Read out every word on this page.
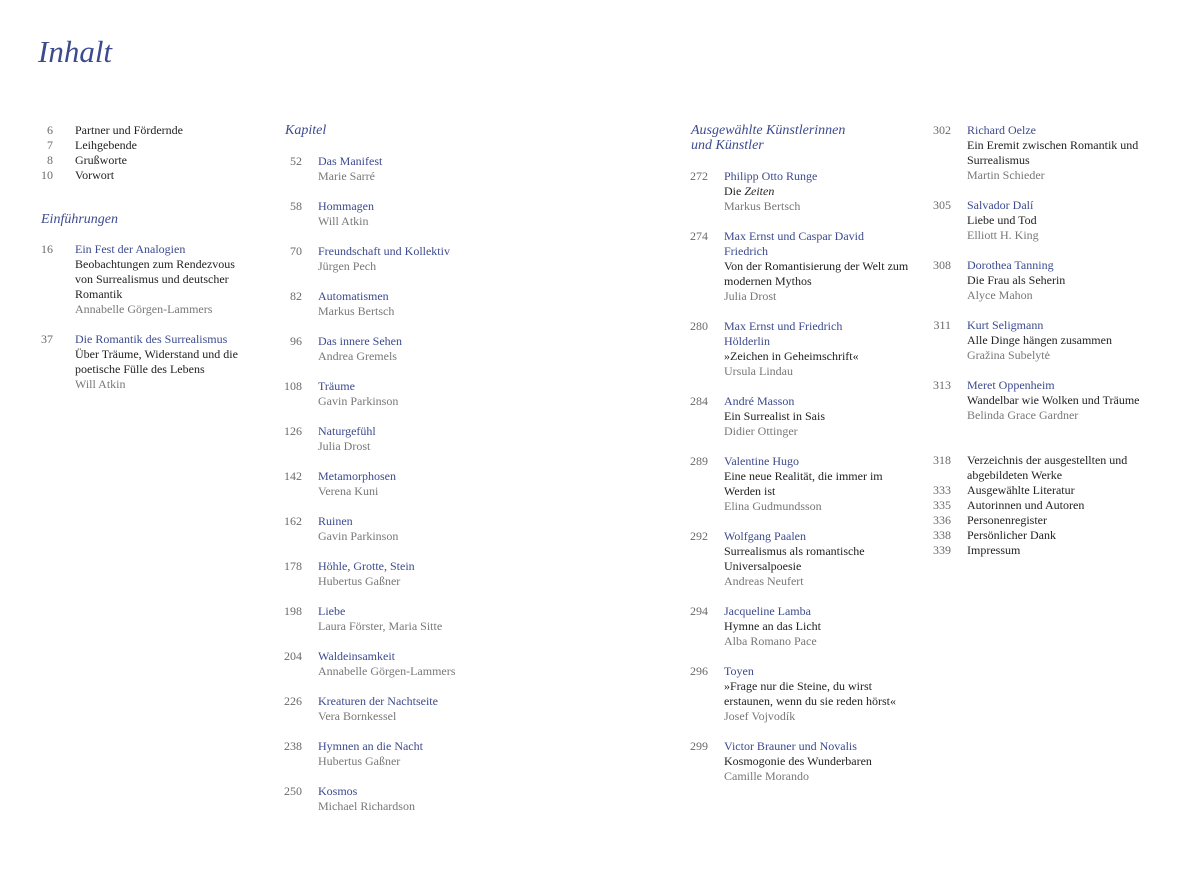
Inhalt
6 Partner und Fördernde
7 Leihgebende
8 Grußworte
10 Vorwort
Einführungen
16 Ein Fest der Analogien
Beobachtungen zum Rendezvous von Surrealismus und deutscher Romantik
Annabelle Görgen-Lammers
37 Die Romantik des Surrealismus
Über Träume, Widerstand und die poetische Fülle des Lebens
Will Atkin
Kapitel
52 Das Manifest
Marie Sarré
58 Hommagen
Will Atkin
70 Freundschaft und Kollektiv
Jürgen Pech
82 Automatismen
Markus Bertsch
96 Das innere Sehen
Andrea Gremels
108 Träume
Gavin Parkinson
126 Naturgefühl
Julia Drost
142 Metamorphosen
Verena Kuni
162 Ruinen
Gavin Parkinson
178 Höhle, Grotte, Stein
Hubertus Gaßner
198 Liebe
Laura Förster, Maria Sitte
204 Waldeinsamkeit
Annabelle Görgen-Lammers
226 Kreaturen der Nachtseite
Vera Bornkessel
238 Hymnen an die Nacht
Hubertus Gaßner
250 Kosmos
Michael Richardson
Ausgewählte Künstlerinnen
und Künstler
272 Philipp Otto Runge
Die Zeiten
Markus Bertsch
274 Max Ernst und Caspar David Friedrich
Von der Romantisierung der Welt zum modernen Mythos
Julia Drost
280 Max Ernst und Friedrich Hölderlin
»Zeichen in Geheimschrift«
Ursula Lindau
284 André Masson
Ein Surrealist in Sais
Didier Ottinger
289 Valentine Hugo
Eine neue Realität, die immer im Werden ist
Elina Gudmundsson
292 Wolfgang Paalen
Surrealismus als romantische Universalpoesie
Andreas Neufert
294 Jacqueline Lamba
Hymne an das Licht
Alba Romano Pace
296 Toyen
»Frage nur die Steine, du wirst erstaunen, wenn du sie reden hörst«
Josef Vojvodík
299 Victor Brauner und Novalis
Kosmogonie des Wunderbaren
Camille Morando
302 Richard Oelze
Ein Eremit zwischen Romantik und Surrealismus
Martin Schieder
305 Salvador Dalí
Liebe und Tod
Elliott H. King
308 Dorothea Tanning
Die Frau als Seherin
Alyce Mahon
311 Kurt Seligmann
Alle Dinge hängen zusammen
Gražina Subelytė
313 Meret Oppenheim
Wandelbar wie Wolken und Träume
Belinda Grace Gardner
318 Verzeichnis der ausgestellten und abgebildeten Werke
333 Ausgewählte Literatur
335 Autorinnen und Autoren
336 Personenregister
338 Persönlicher Dank
339 Impressum
